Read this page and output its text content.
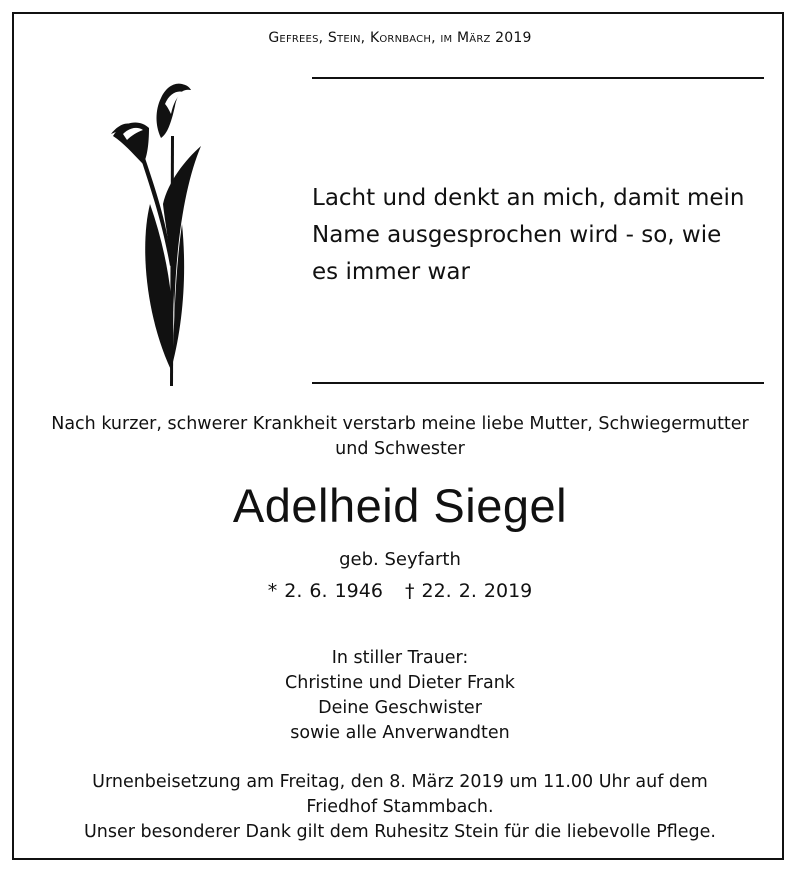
Gefrees, Stein, Kornbach, im März 2019
Lacht und denkt an mich, damit mein
Name ausgesprochen wird - so, wie
es immer war
Nach kurzer, schwerer Krankheit verstarb meine liebe Mutter, Schwiegermutter
und Schwester
Adelheid Siegel
geb. Seyfarth
* 2. 6. 1946 † 22. 2. 2019
In stiller Trauer:
Christine und Dieter Frank
Deine Geschwister
sowie alle Anverwandten
Urnenbeisetzung am Freitag, den 8. März 2019 um 11.00 Uhr auf dem
Friedhof Stammbach.
Unser besonderer Dank gilt dem Ruhesitz Stein für die liebevolle Pflege.
